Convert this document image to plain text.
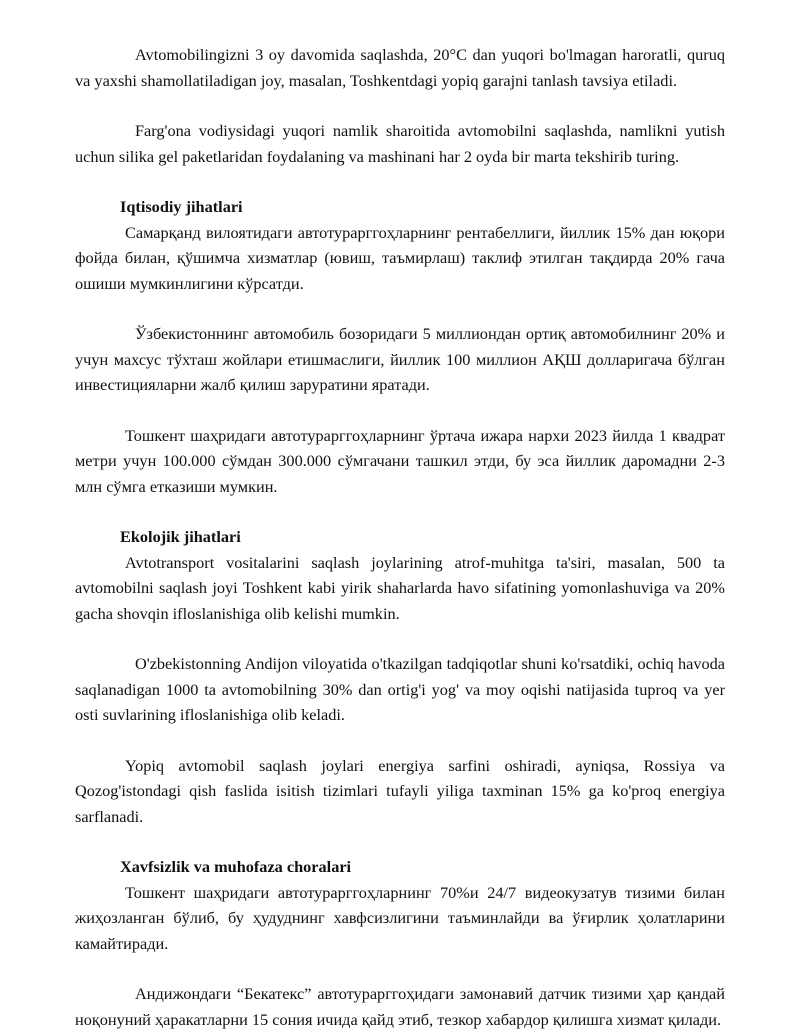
Avtomobilingizni 3 oy davomida saqlashda, 20°C dan yuqori bo'lmagan haroratli, quruq va yaxshi shamollatiladigan joy, masalan, Toshkentdagi yopiq garajni tanlash tavsiya etiladi.

Farg'ona vodiysidagi yuqori namlik sharoitida avtomobilni saqlashda, namlikni yutish uchun silika gel paketlaridan foydalaning va mashinani har 2 oyda bir marta tekshirib turing.

Iqtisodiy jihatlari

Самарқанд вилоятидаги автотурарггоҳларнинг рентабеллиги, йиллик 15% дан юқори фойда билан, қўшимча хизматлар (ювиш, таъмирлаш) таклиф этилган тақдирда 20% гача ошиши мумкинлигини кўрсатди.

Ўзбекистоннинг автомобиль бозоридаги 5 миллиондан ортиқ автомобилнинг 20% и учун махсус тўхташ жойлари етишмаслиги, йиллик 100 миллион АҚШ долларигача бўлган инвестицияларни жалб қилиш заруратини яратади.

Тошкент шаҳридаги автотурарггоҳларнинг ўртача ижара нархи 2023 йилда 1 квадрат метри учун 100.000 сўмдан 300.000 сўмгачани ташкил этди, бу эса йиллик даромадни 2-3 млн сўмга етказиши мумкин.

Ekolojik jihatlari

Avtotransport vositalarini saqlash joylarining atrof-muhitga ta'siri, masalan, 500 ta avtomobilni saqlash joyi Toshkent kabi yirik shaharlarda havo sifatining yomonlashuviga va 20% gacha shovqin ifloslanishiga olib kelishi mumkin.

O'zbekistonning Andijon viloyatida o'tkazilgan tadqiqotlar shuni ko'rsatdiki, ochiq havoda saqlanadigan 1000 ta avtomobilning 30% dan ortig'i yog' va moy oqishi natijasida tuproq va yer osti suvlarining ifloslanishiga olib keladi.

Yopiq avtomobil saqlash joylari energiya sarfini oshiradi, ayniqsa, Rossiya va Qozog'istondagi qish faslida isitish tizimlari tufayli yiliga taxminan 15% ga ko'proq energiya sarflanadi.

Xavfsizlik va muhofaza choralari

Тошкент шаҳридаги автотурарггоҳларнинг 70%и 24/7 видеокузатув тизими билан жиҳозланган бўлиб, бу ҳудуднинг хавфсизлигини таъминлайди ва ўғирлик ҳолатларини камайтиради.

Андижондаги “Бекатекс” автотурарггоҳидаги замонавий датчик тизими ҳар қандай ноқонуний ҳаракатларни 15 сония ичида қайд этиб, тезкор хабардор қилишга хизмат қилади.
